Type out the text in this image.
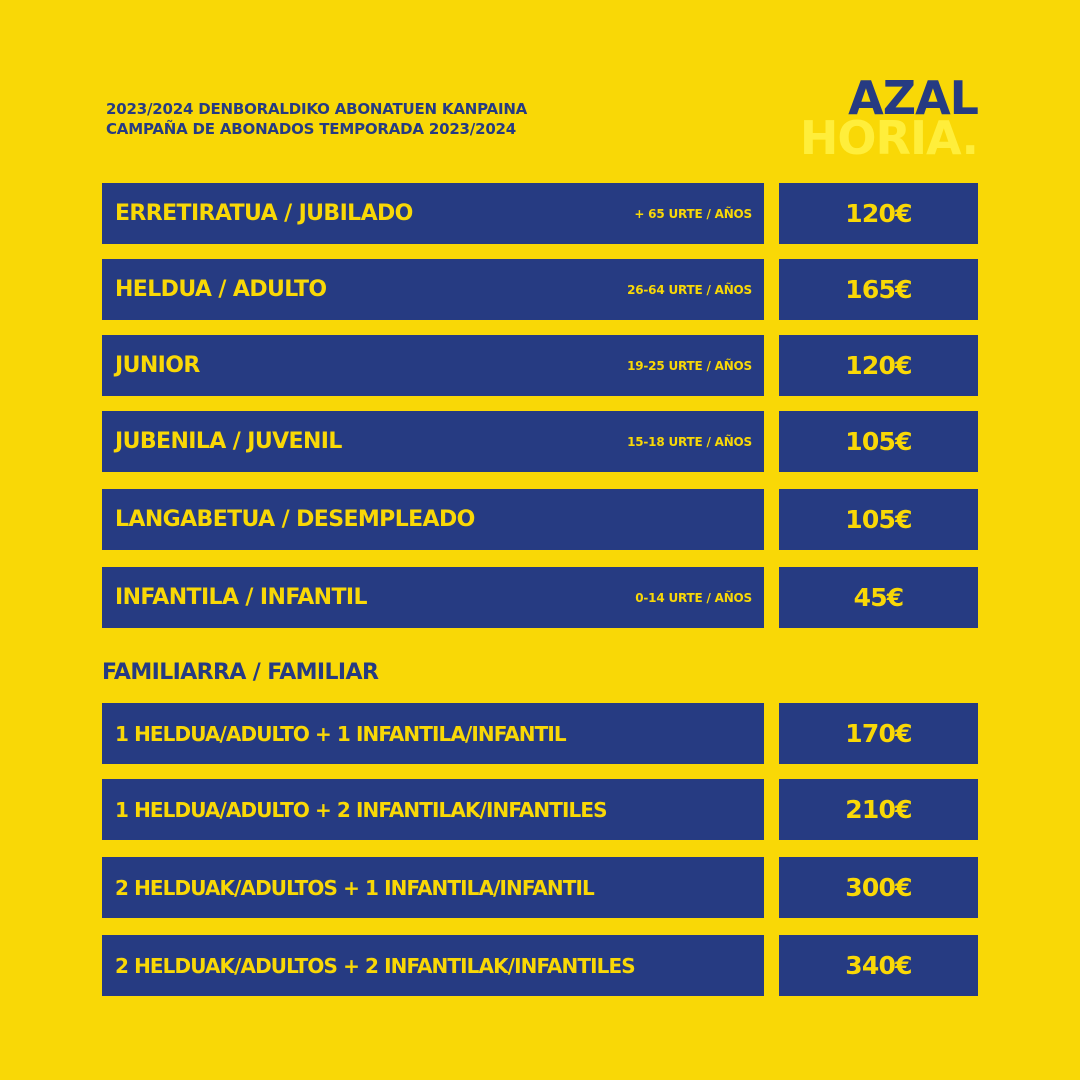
2023/2024 DENBORALDIKO ABONATUEN KANPAINA
CAMPAÑA DE ABONADOS TEMPORADA 2023/2024
AZAL
HORIA.
ERRETIRATUA / JUBILADO	+ 65 URTE / AÑOS	120€
HELDUA / ADULTO	26-64 URTE / AÑOS	165€
JUNIOR	19-25 URTE / AÑOS	120€
JUBENILA / JUVENIL	15-18 URTE / AÑOS	105€
LANGABETUA / DESEMPLEADO	105€
INFANTILA / INFANTIL	0-14 URTE / AÑOS	45€
1 HELDUA/ADULTO + 1 INFANTILA/INFANTIL	170€
1 HELDUA/ADULTO + 2 INFANTILAK/INFANTILES	210€
2 HELDUAK/ADULTOS + 1 INFANTILA/INFANTIL	300€
2 HELDUAK/ADULTOS + 2 INFANTILAK/INFANTILES	340€
FAMILIARRA / FAMILIAR
